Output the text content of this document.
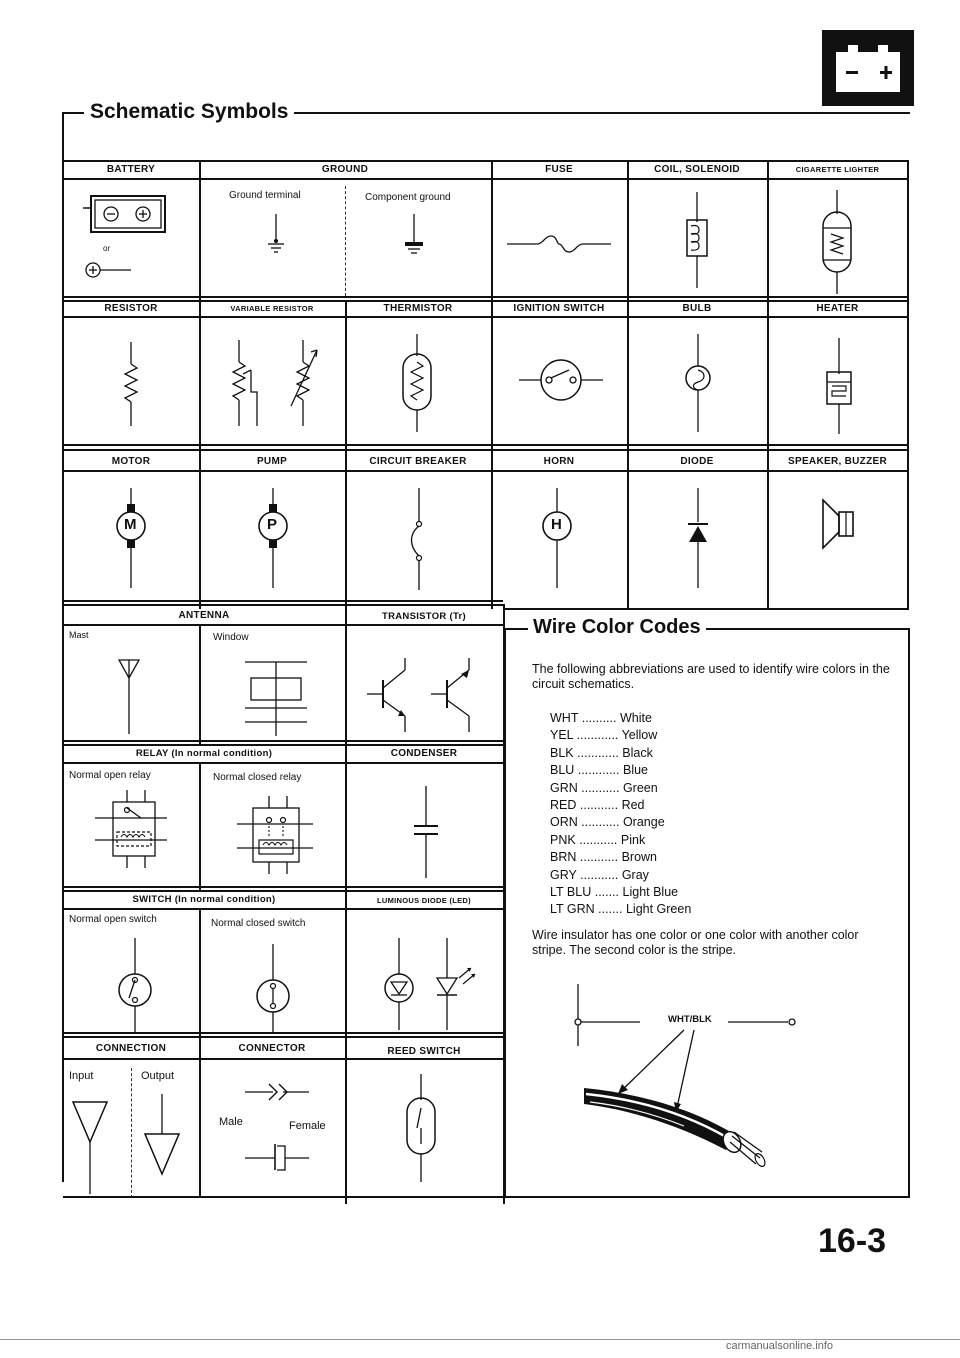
Schematic Symbols
BATTERY	GROUND	FUSE	COIL, SOLENOID	CIGARETTE LIGHTER
or
Ground terminal	Component ground
RESISTOR	VARIABLE RESISTOR	THERMISTOR	IGNITION SWITCH	BULB	HEATER
MOTOR	PUMP	CIRCUIT BREAKER	HORN	DIODE	SPEAKER, BUZZER
M	P	H
ANTENNA	TRANSISTOR (Tr)
Mast	Window
RELAY (In normal condition)	CONDENSER
Normal open relay	Normal closed relay
SWITCH (In normal condition)	LUMINOUS DIODE (LED)
Normal open switch	Normal closed switch
CONNECTION	CONNECTOR	REED SWITCH
Input	Output
Male	Female
Wire Color Codes
The following abbreviations are used to identify wire colors in the circuit schematics.
WHT .......... White
YEL ............ Yellow
BLK ............ Black
BLU ............ Blue
GRN ........... Green
RED ........... Red
ORN ........... Orange
PNK ........... Pink
BRN ........... Brown
GRY ........... Gray
LT BLU ....... Light Blue
LT GRN ....... Light Green
Wire insulator has one color or one color with another color stripe. The second color is the stripe.
WHT/BLK
16-3
carmanualsonline.info
